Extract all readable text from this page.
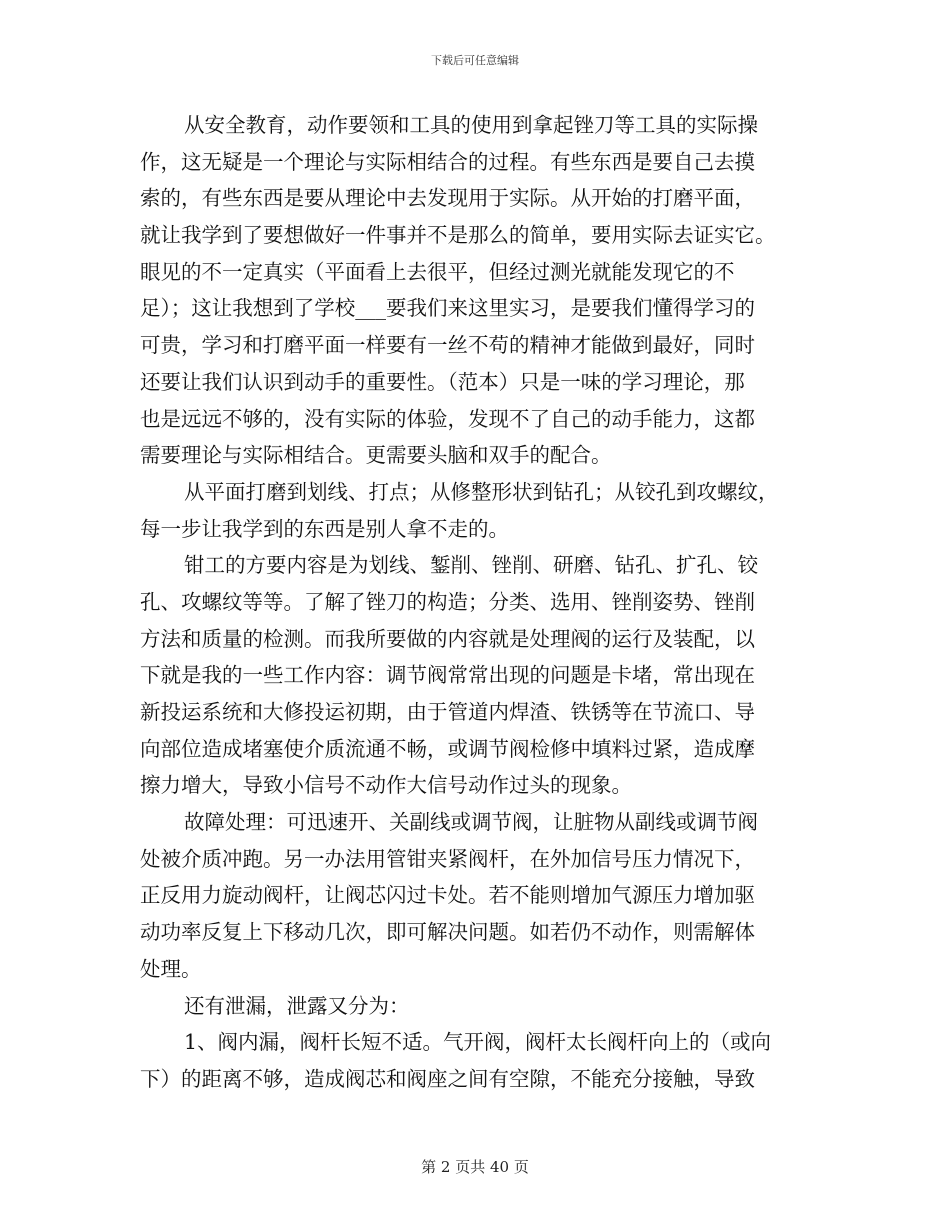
下载后可任意编辑
从安全教育，动作要领和工具的使用到拿起锉刀等工具的实际操
作，这无疑是一个理论与实际相结合的过程。有些东西是要自己去摸
索的，有些东西是要从理论中去发现用于实际。从开始的打磨平面，
就让我学到了要想做好一件事并不是那么的简单，要用实际去证实它。
眼见的不一定真实（平面看上去很平，但经过测光就能发现它的不
足）；这让我想到了学校___要我们来这里实习，是要我们懂得学习的
可贵，学习和打磨平面一样要有一丝不苟的精神才能做到最好，同时
还要让我们认识到动手的重要性。（范本）只是一味的学习理论，那
也是远远不够的，没有实际的体验，发现不了自己的动手能力，这都
需要理论与实际相结合。更需要头脑和双手的配合。
从平面打磨到划线、打点；从修整形状到钻孔；从铰孔到攻螺纹，
每一步让我学到的东西是别人拿不走的。
钳工的方要内容是为划线、錾削、锉削、研磨、钻孔、扩孔、铰
孔、攻螺纹等等。了解了锉刀的构造；分类、选用、锉削姿势、锉削
方法和质量的检测。而我所要做的内容就是处理阀的运行及装配，以
下就是我的一些工作内容：调节阀常常出现的问题是卡堵，常出现在
新投运系统和大修投运初期，由于管道内焊渣、铁锈等在节流口、导
向部位造成堵塞使介质流通不畅，或调节阀检修中填料过紧，造成摩
擦力增大，导致小信号不动作大信号动作过头的现象。
故障处理：可迅速开、关副线或调节阀，让脏物从副线或调节阀
处被介质冲跑。另一办法用管钳夹紧阀杆，在外加信号压力情况下，
正反用力旋动阀杆，让阀芯闪过卡处。若不能则增加气源压力增加驱
动功率反复上下移动几次，即可解决问题。如若仍不动作，则需解体
处理。
还有泄漏，泄露又分为：
1、阀内漏，阀杆长短不适。气开阀，阀杆太长阀杆向上的（或向
下）的距离不够，造成阀芯和阀座之间有空隙，不能充分接触，导致
第 2 页共 40 页
